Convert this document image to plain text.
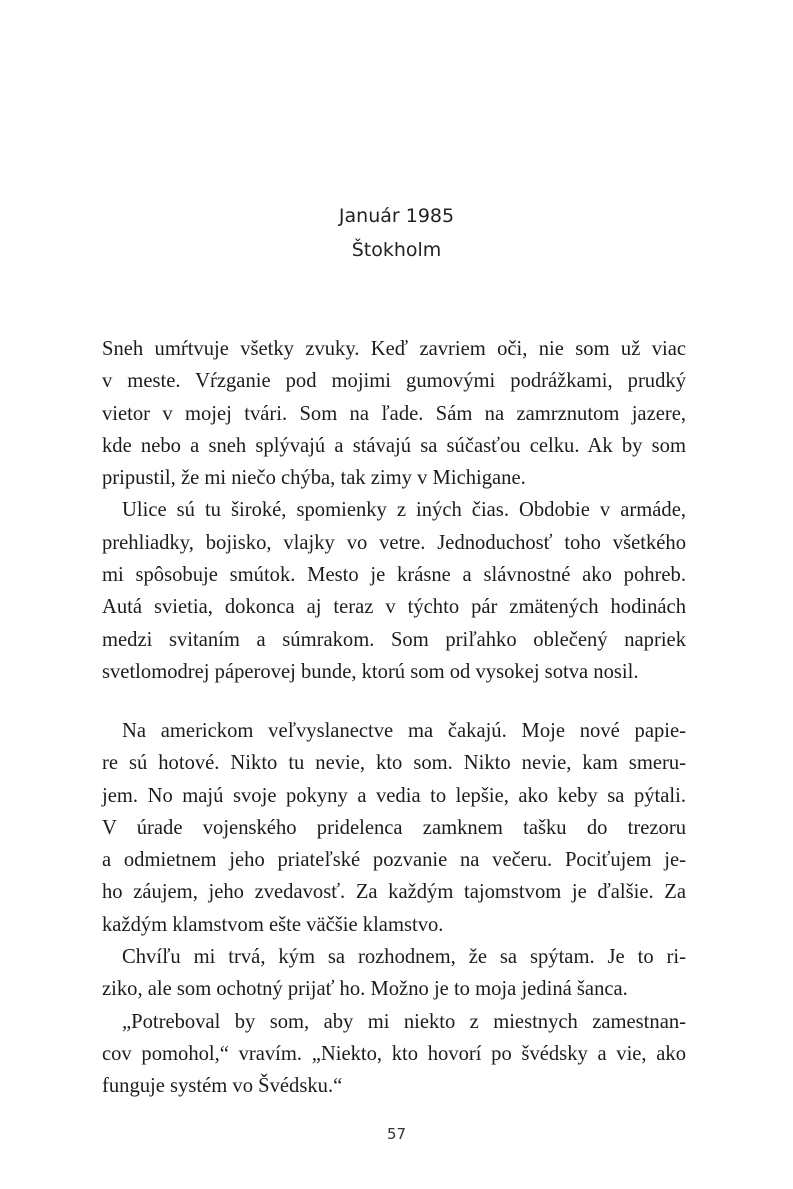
Január 1985
Štokholm

Sneh umŕtvuje všetky zvuky. Keď zavriem oči, nie som už viac
v meste. Vŕzganie pod mojimi gumovými podrážkami, prudký
vietor v mojej tvári. Som na ľade. Sám na zamrznutom jazere,
kde nebo a sneh splývajú a stávajú sa súčasťou celku. Ak by som
pripustil, že mi niečo chýba, tak zimy v Michigane.

Ulice sú tu široké, spomienky z iných čias. Obdobie v armáde,
prehliadky, bojisko, vlajky vo vetre. Jednoduchosť toho všetkého
mi spôsobuje smútok. Mesto je krásne a slávnostné ako pohreb.
Autá svietia, dokonca aj teraz v týchto pár zmätených hodinách
medzi svitaním a súmrakom. Som priľahko oblečený napriek
svetlomodrej páperovej bunde, ktorú som od vysokej sotva nosil.

Na americkom veľvyslanectve ma čakajú. Moje nové papie-
re sú hotové. Nikto tu nevie, kto som. Nikto nevie, kam smeru-
jem. No majú svoje pokyny a vedia to lepšie, ako keby sa pýtali.
V úrade vojenského pridelenca zamknem tašku do trezoru
a odmietnem jeho priateľské pozvanie na večeru. Pociťujem je-
ho záujem, jeho zvedavosť. Za každým tajomstvom je ďalšie. Za
každým klamstvom ešte väčšie klamstvo.

Chvíľu mi trvá, kým sa rozhodnem, že sa spýtam. Je to ri-
ziko, ale som ochotný prijať ho. Možno je to moja jediná šanca.

„Potreboval by som, aby mi niekto z miestnych zamestnan-
cov pomohol,“ vravím. „Niekto, kto hovorí po švédsky a vie, ako
funguje systém vo Švédsku.“

57
